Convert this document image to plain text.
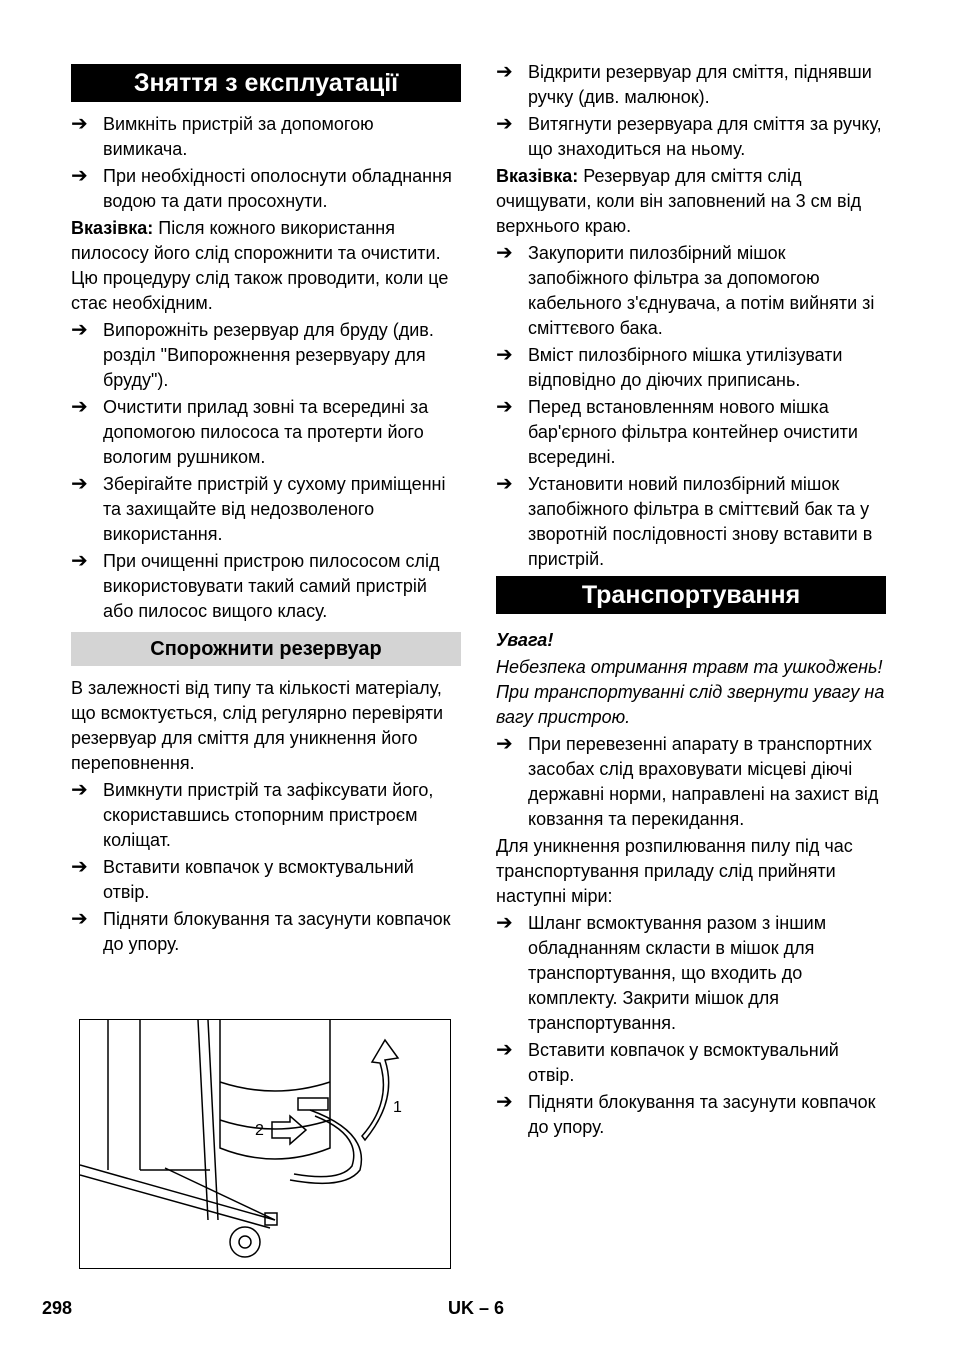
Зняття з експлуатації
➔ Вимкніть пристрій за допомогою вимикача.
➔ При необхідності ополоснути обладнання водою та дати просохнути.

Вказівка: Після кожного використання пилососу його слід спорожнити та очистити. Цю процедуру слід також проводити, коли це стає необхідним.

➔ Випорожніть резервуар для бруду (див. розділ "Випорожнення резервуару для бруду").
➔ Очистити прилад зовні та всередині за допомогою пилососа та протерти його вологим рушником.
➔ Зберігайте пристрій у сухому приміщенні та захищайте від недозволеного використання.
➔ При очищенні пристрою пилососом слід використовувати такий самий пристрій або пилосос вищого класу.
Спорожнити резервуар

В залежності від типу та кількості матеріалу, що всмоктується, слід регулярно перевіряти резервуар для сміття для уникнення його переповнення.

➔ Вимкнути пристрій та зафіксувати його, скориставшись стопорним пристроєм коліщат.
➔ Вставити ковпачок у всмоктувальний отвір.
➔ Підняти блокування та засунути ковпачок до упору.
2
1
➔ Відкрити резервуар для сміття, піднявши ручку (див. малюнок).
➔ Витягнути резервуара для сміття за ручку, що знаходиться на ньому.

Вказівка: Резервуар для сміття слід очищувати, коли він заповнений на 3 см від верхнього краю.

➔ Закупорити пилозбірний мішок запобіжного фільтра за допомогою кабельного з'єднувача, а потім вийняти зі сміттєвого бака.
➔ Вміст пилозбірного мішка утилізувати відповідно до діючих приписань.
➔ Перед встановленням нового мішка бар'єрного фільтра контейнер очистити всередині.
➔ Установити новий пилозбірний мішок запобіжного фільтра в сміттєвий бак та у зворотній послідовності знову вставити в пристрій.
Транспортування

Увага!

Небезпека отримання травм та ушкоджень! При транспортуванні слід звернути увагу на вагу пристрою.

➔ При перевезенні апарату в транспортних засобах слід враховувати місцеві діючі державні норми, направлені на захист від ковзання та перекидання.

Для уникнення розпилювання пилу під час транспортування приладу слід прийняти наступні міри:

➔ Шланг всмоктування разом з іншим обладнанням скласти в мішок для транспортування, що входить до комплекту. Закрити мішок для транспортування.
➔ Вставити ковпачок у всмоктувальний отвір.
➔ Підняти блокування та засунути ковпачок до упору.
298	UK – 6
